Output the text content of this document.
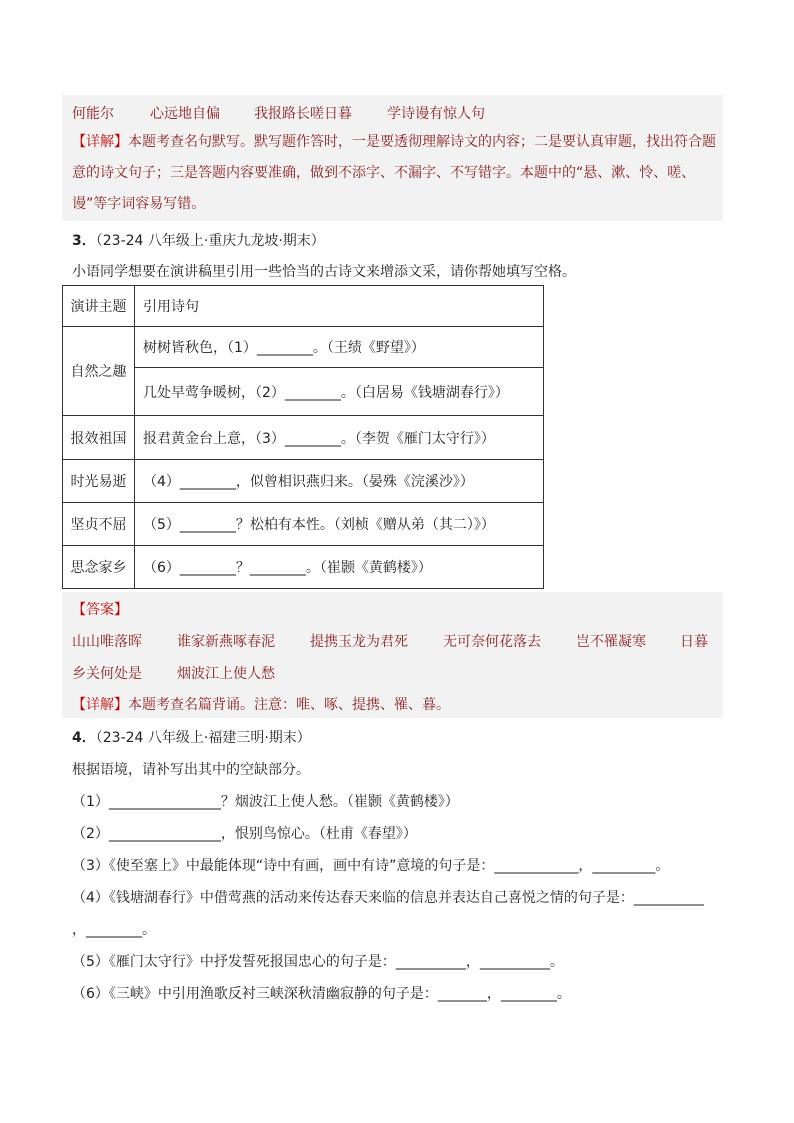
何能尔	心远地自偏 我报路长嗟日暮	学诗谩有惊人句
【详解】本题考查名句默写。默写题作答时，一是要透彻理解诗文的内容；二是要认真审题，找出符合题意的诗文句子；三是答题内容要准确，做到不添字、不漏字、不写错字。本题中的“悬、漱、怜、嗟、谩”等字词容易写错。
3．（23-24 八年级上·重庆九龙坡·期末）
小语同学想要在演讲稿里引用一些恰当的古诗文来增添文采，请你帮她填写空格。
演讲主题	引用诗句
自然之趣	树树皆秋色，（1）________。（王绩《野望》）
	几处早莺争暖树，（2）________。（白居易《钱塘湖春行》）
报效祖国	报君黄金台上意，（3）________。（李贺《雁门太守行》）
时光易逝	（4）________，似曾相识燕归来。（晏殊《浣溪沙》）
坚贞不屈	（5）________？松柏有本性。（刘桢《赠从弟（其二）》）
思念家乡	（6）________？________。（崔颢《黄鹤楼》）
【答案】
山山唯落晖	谁家新燕啄春泥	提携玉龙为君死	无可奈何花落去	岂不罹凝寒 日暮
乡关何处是	烟波江上使人愁
【详解】本题考查名篇背诵。注意：唯、啄、提携、罹、暮。
4．（23-24 八年级上·福建三明·期末）
根据语境，请补写出其中的空缺部分。
（1）________________？烟波江上使人愁。（崔颢《黄鹤楼》）
（2）________________，恨别鸟惊心。（杜甫《春望》）
（3）《使至塞上》中最能体现“诗中有画，画中有诗”意境的句子是：____________，_________。
（4）《钱塘湖春行》中借莺燕的活动来传达春天来临的信息并表达自己喜悦之情的句子是：__________
，________。
（5）《雁门太守行》中抒发誓死报国忠心的句子是：__________，__________。
（6）《三峡》中引用渔歌反衬三峡深秋清幽寂静的句子是：_______，________。
